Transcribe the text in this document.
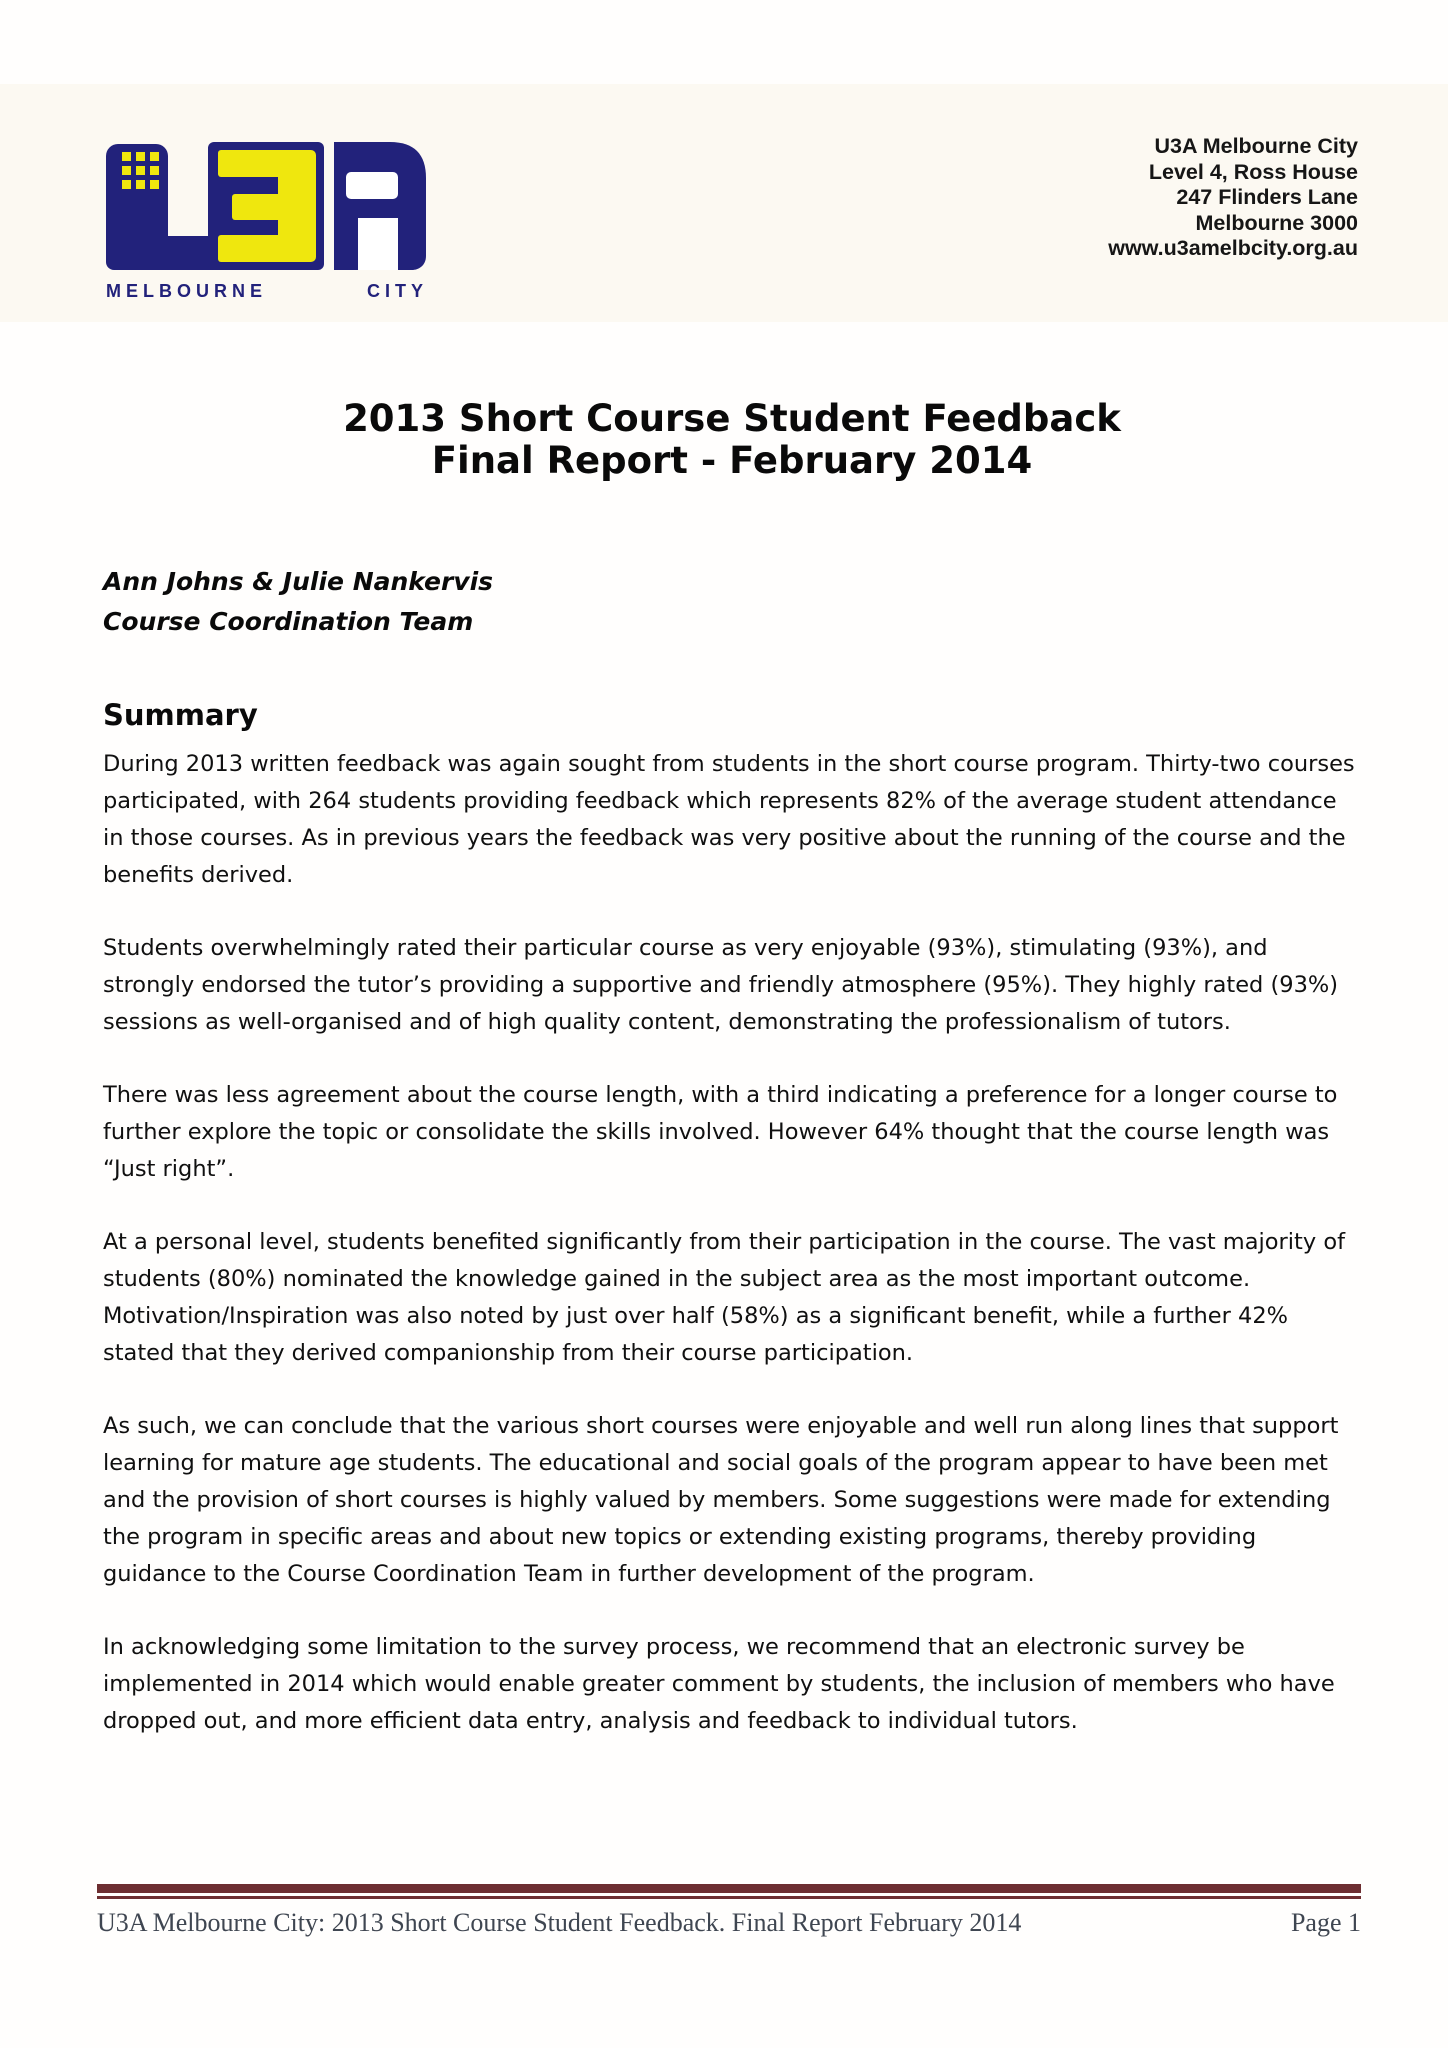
MELBOURNE	CITY
U3A Melbourne City
Level 4, Ross House
247 Flinders Lane
Melbourne 3000
www.u3amelbcity.org.au
2013 Short Course Student Feedback
Final Report - February 2014
Ann Johns & Julie Nankervis
Course Coordination Team
Summary

During 2013 written feedback was again sought from students in the short course program. Thirty-two courses participated, with 264 students providing feedback which represents 82% of the average student attendance in those courses. As in previous years the feedback was very positive about the running of the course and the benefits derived.

Students overwhelmingly rated their particular course as very enjoyable (93%), stimulating (93%), and strongly endorsed the tutor’s providing a supportive and friendly atmosphere (95%). They highly rated (93%) sessions as well-organised and of high quality content, demonstrating the professionalism of tutors.

There was less agreement about the course length, with a third indicating a preference for a longer course to further explore the topic or consolidate the skills involved. However 64% thought that the course length was “Just right”.

At a personal level, students benefited significantly from their participation in the course. The vast majority of students (80%) nominated the knowledge gained in the subject area as the most important outcome. Motivation/Inspiration was also noted by just over half (58%) as a significant benefit, while a further 42% stated that they derived companionship from their course participation.

As such, we can conclude that the various short courses were enjoyable and well run along lines that support learning for mature age students. The educational and social goals of the program appear to have been met and the provision of short courses is highly valued by members. Some suggestions were made for extending the program in specific areas and about new topics or extending existing programs, thereby providing guidance to the Course Coordination Team in further development of the program.

In acknowledging some limitation to the survey process, we recommend that an electronic survey be implemented in 2014 which would enable greater comment by students, the inclusion of members who have dropped out, and more efficient data entry, analysis and feedback to individual tutors.

U3A Melbourne City: 2013 Short Course Student Feedback. Final Report February 2014	Page 1
